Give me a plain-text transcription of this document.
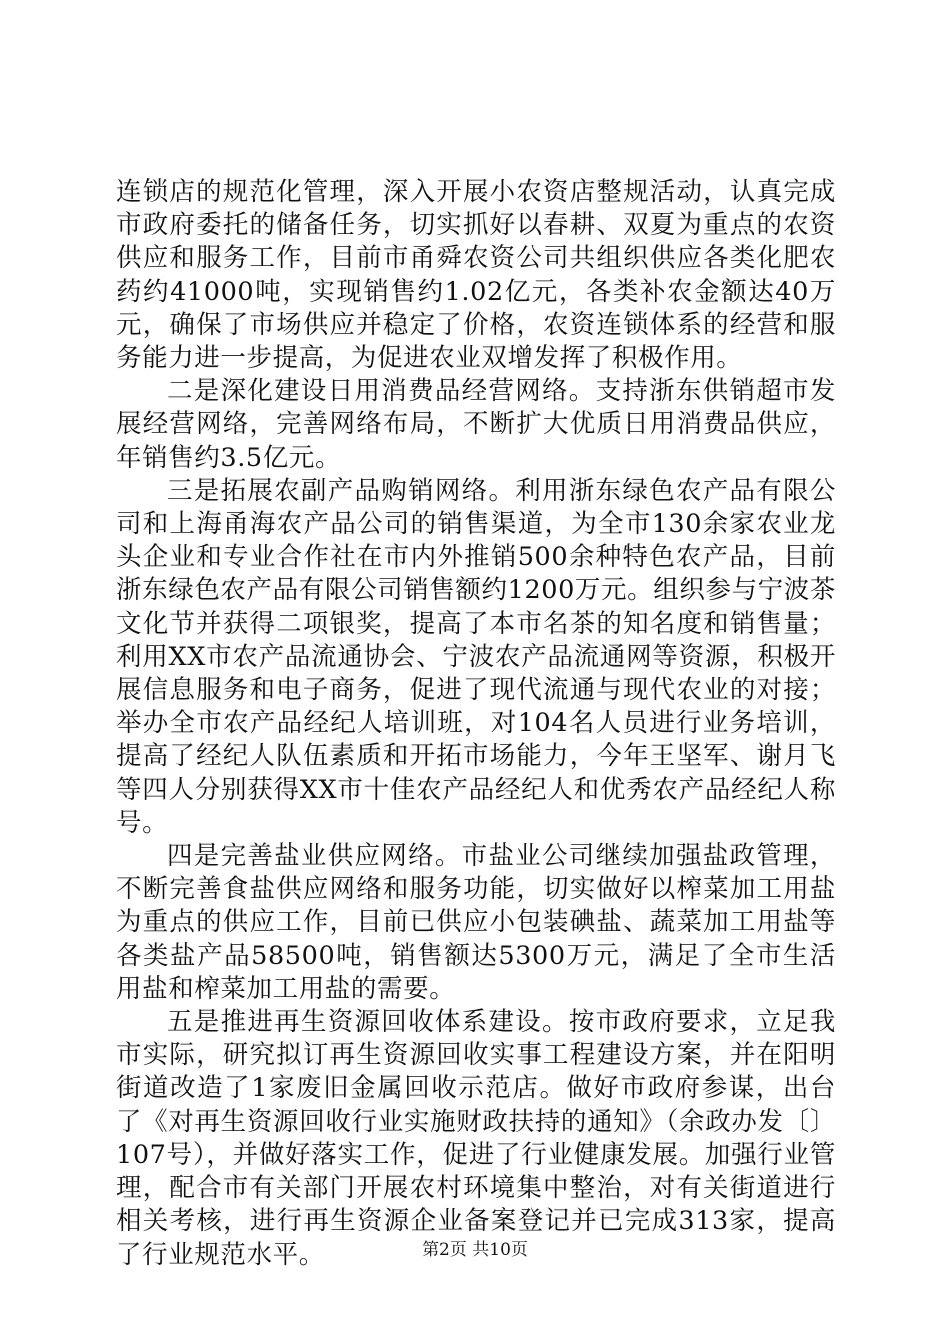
连锁店的规范化管理，深入开展小农资店整规活动，认真完成市政府委托的储备任务，切实抓好以春耕、双夏为重点的农资供应和服务工作，目前市甬舜农资公司共组织供应各类化肥农药约41000吨，实现销售约1.02亿元，各类补农金额达40万元，确保了市场供应并稳定了价格，农资连锁体系的经营和服务能力进一步提高，为促进农业双增发挥了积极作用。

二是深化建设日用消费品经营网络。支持浙东供销超市发展经营网络，完善网络布局，不断扩大优质日用消费品供应，年销售约3.5亿元。

三是拓展农副产品购销网络。利用浙东绿色农产品有限公司和上海甬海农产品公司的销售渠道，为全市130余家农业龙头企业和专业合作社在市内外推销500余种特色农产品，目前浙东绿色农产品有限公司销售额约1200万元。组织参与宁波茶文化节并获得二项银奖，提高了本市名茶的知名度和销售量；利用XX市农产品流通协会、宁波农产品流通网等资源，积极开展信息服务和电子商务，促进了现代流通与现代农业的对接；举办全市农产品经纪人培训班，对104名人员进行业务培训，提高了经纪人队伍素质和开拓市场能力，今年王坚军、谢月飞等四人分别获得XX市十佳农产品经纪人和优秀农产品经纪人称号。

四是完善盐业供应网络。市盐业公司继续加强盐政管理，不断完善食盐供应网络和服务功能，切实做好以榨菜加工用盐为重点的供应工作，目前已供应小包装碘盐、蔬菜加工用盐等各类盐产品58500吨，销售额达5300万元，满足了全市生活用盐和榨菜加工用盐的需要。

五是推进再生资源回收体系建设。按市政府要求，立足我市实际，研究拟订再生资源回收实事工程建设方案，并在阳明街道改造了1家废旧金属回收示范店。做好市政府参谋，出台了《对再生资源回收行业实施财政扶持的通知》（余政办发〔〕107号），并做好落实工作，促进了行业健康发展。加强行业管理，配合市有关部门开展农村环境集中整治，对有关街道进行相关考核，进行再生资源企业备案登记并已完成313家，提高了行业规范水平。	第2页 共10页
